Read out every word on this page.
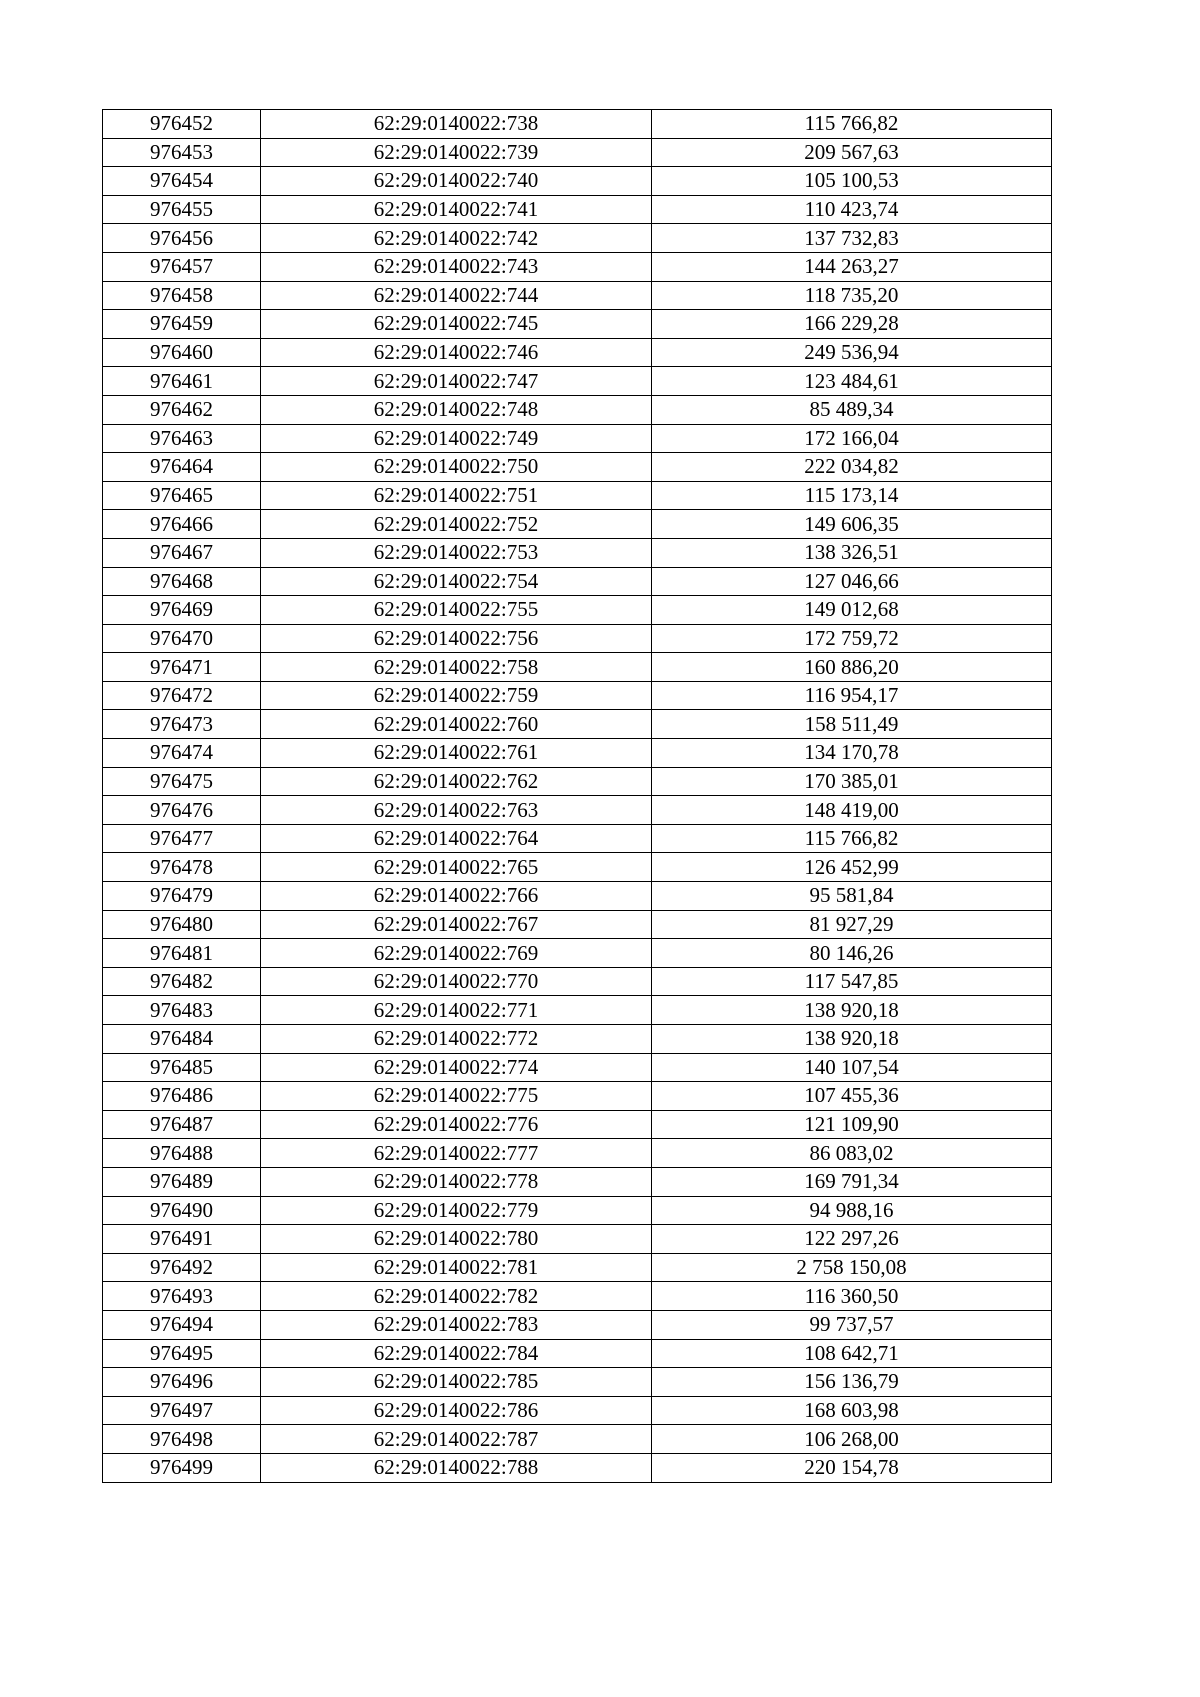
976452	62:29:0140022:738	115 766,82
976453	62:29:0140022:739	209 567,63
976454	62:29:0140022:740	105 100,53
976455	62:29:0140022:741	110 423,74
976456	62:29:0140022:742	137 732,83
976457	62:29:0140022:743	144 263,27
976458	62:29:0140022:744	118 735,20
976459	62:29:0140022:745	166 229,28
976460	62:29:0140022:746	249 536,94
976461	62:29:0140022:747	123 484,61
976462	62:29:0140022:748	85 489,34
976463	62:29:0140022:749	172 166,04
976464	62:29:0140022:750	222 034,82
976465	62:29:0140022:751	115 173,14
976466	62:29:0140022:752	149 606,35
976467	62:29:0140022:753	138 326,51
976468	62:29:0140022:754	127 046,66
976469	62:29:0140022:755	149 012,68
976470	62:29:0140022:756	172 759,72
976471	62:29:0140022:758	160 886,20
976472	62:29:0140022:759	116 954,17
976473	62:29:0140022:760	158 511,49
976474	62:29:0140022:761	134 170,78
976475	62:29:0140022:762	170 385,01
976476	62:29:0140022:763	148 419,00
976477	62:29:0140022:764	115 766,82
976478	62:29:0140022:765	126 452,99
976479	62:29:0140022:766	95 581,84
976480	62:29:0140022:767	81 927,29
976481	62:29:0140022:769	80 146,26
976482	62:29:0140022:770	117 547,85
976483	62:29:0140022:771	138 920,18
976484	62:29:0140022:772	138 920,18
976485	62:29:0140022:774	140 107,54
976486	62:29:0140022:775	107 455,36
976487	62:29:0140022:776	121 109,90
976488	62:29:0140022:777	86 083,02
976489	62:29:0140022:778	169 791,34
976490	62:29:0140022:779	94 988,16
976491	62:29:0140022:780	122 297,26
976492	62:29:0140022:781	2 758 150,08
976493	62:29:0140022:782	116 360,50
976494	62:29:0140022:783	99 737,57
976495	62:29:0140022:784	108 642,71
976496	62:29:0140022:785	156 136,79
976497	62:29:0140022:786	168 603,98
976498	62:29:0140022:787	106 268,00
976499	62:29:0140022:788	220 154,78
